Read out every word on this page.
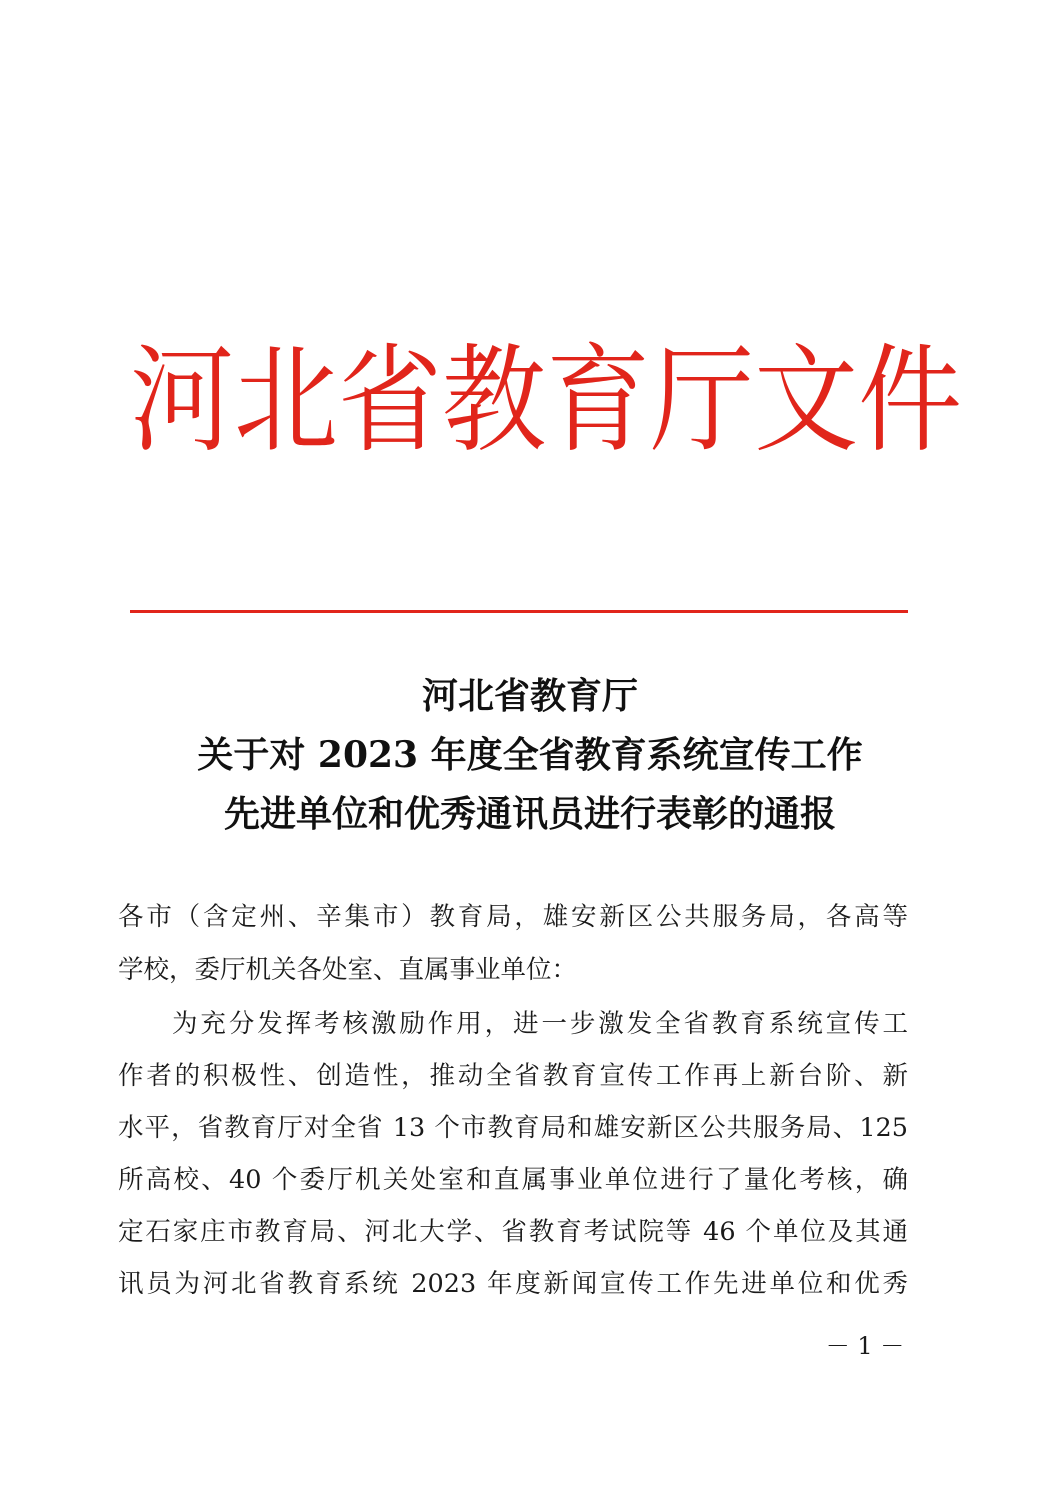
河 北 省 教 育 厅 文 件
河北省教育厅
关于对 2023 年度全省教育系统宣传工作
先进单位和优秀通讯员进行表彰的通报
各市（含定州、辛集市）教育局，雄安新区公共服务局，各高等
学校，委厅机关各处室、直属事业单位：
为充分发挥考核激励作用，进一步激发全省教育系统宣传工
作者的积极性、创造性，推动全省教育宣传工作再上新台阶、新
水平，省教育厅对全省 13 个市教育局和雄安新区公共服务局、125
所高校、40 个委厅机关处室和直属事业单位进行了量化考核，确
定石家庄市教育局、河北大学、省教育考试院等 46 个单位及其通
讯员为河北省教育系统 2023 年度新闻宣传工作先进单位和优秀
－ 1 －
